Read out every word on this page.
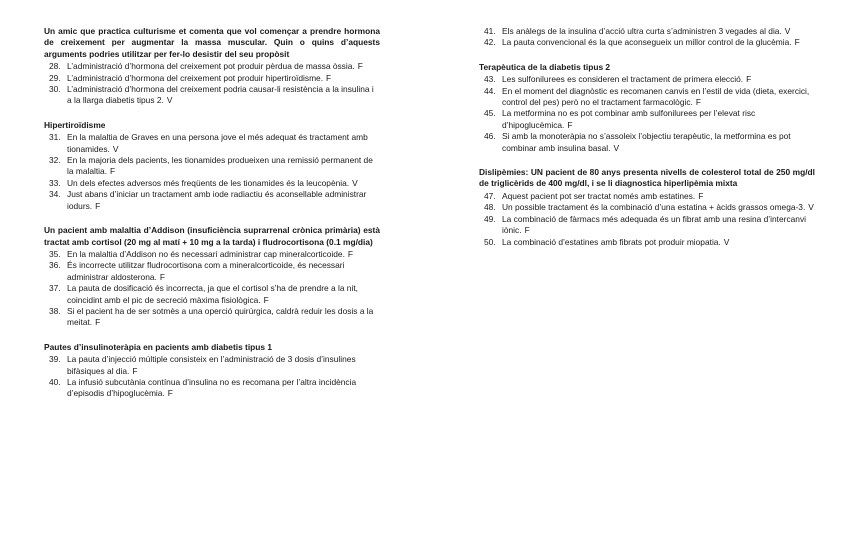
Un amic que practica culturisme et comenta que vol començar a prendre hormona de creixement per augmentar la massa muscular. Quin o quins d’aquests arguments podries utilitzar per fer-lo desistir del seu propòsit

28. L’administració d’hormona del creixement pot produir pèrdua de massa òssia. F

29. L’administració d’hormona del creixement pot produir hipertiroïdisme. F

30. L’administració d’hormona del creixement podria causar-li resistència a la insulina i a la llarga diabetis tipus 2. V

Hipertiroïdisme

31. En la malaltia de Graves en una persona jove el més adequat és tractament amb tionamides. V

32. En la majoria dels pacients, les tionamides produeixen una remissió permanent de la malaltia. F

33. Un dels efectes adversos més freqüents de les tionamides és la leucopènia. V

34. Just abans d’iniciar un tractament amb iode radiactiu és aconsellable administrar iodurs. F

Un pacient amb malaltia d’Addison (insuficiència suprarrenal crònica primària) està tractat amb cortisol (20 mg al matí + 10 mg a la tarda) i fludrocortisona (0.1 mg/dia)

35. En la malaltia d’Addison no és necessari administrar cap mineralcorticoide. F

36. És incorrecte utilitzar fludrocortisona com a mineralcorticoide, és necessari administrar aldosterona. F

37. La pauta de dosificació és incorrecta, ja que el cortisol s’ha de prendre a la nit, coincidint amb el pic de secreció màxima fisiològica. F

38. Si el pacient ha de ser sotmès a una operció quirúrgica, caldrà reduir les dosis a la meitat. F

Pautes d’insulinoteràpia en pacients amb diabetis tipus 1

39. La pauta d’injecció múltiple consisteix en l’administració de 3 dosis d’insulines bifàsiques al dia. F

40. La infusió subcutània contínua d’insulina no es recomana per l’altra incidència d’episodis d’hipoglucèmia. F

41. Els anàlegs de la insulina d’acció ultra curta s’administren 3 vegades al dia. V

42. La pauta convencional és la que aconsegueix un millor control de la glucèmia. F

Terapèutica de la diabetis tipus 2

43. Les sulfonilurees es consideren el tractament de primera elecció. F

44. En el moment del diagnòstic es recomanen canvis en l’estil de vida (dieta, exercici, control del pes) però no el tractament farmacològic. F

45. La metformina no es pot combinar amb sulfonilurees per l’elevat risc d’hipoglucèmica. F

46. Si amb la monoteràpia no s’assoleix l’objectiu terapèutic, la metformina es pot combinar amb insulina basal. V

Dislipèmies: UN pacient de 80 anys presenta nivells de colesterol total de 250 mg/dl de triglicèrids de 400 mg/dl, i se li diagnostica hiperlipèmia mixta

47. Aquest pacient pot ser tractat només amb estatines. F

48. Un possible tractament és la combinació d’una estatina + àcids grassos omega-3. V

49. La combinació de fàrmacs més adequada és un fibrat amb una resina d’intercanvi iònic. F

50. La combinació d’estatines amb fibrats pot produir miopatia. V
